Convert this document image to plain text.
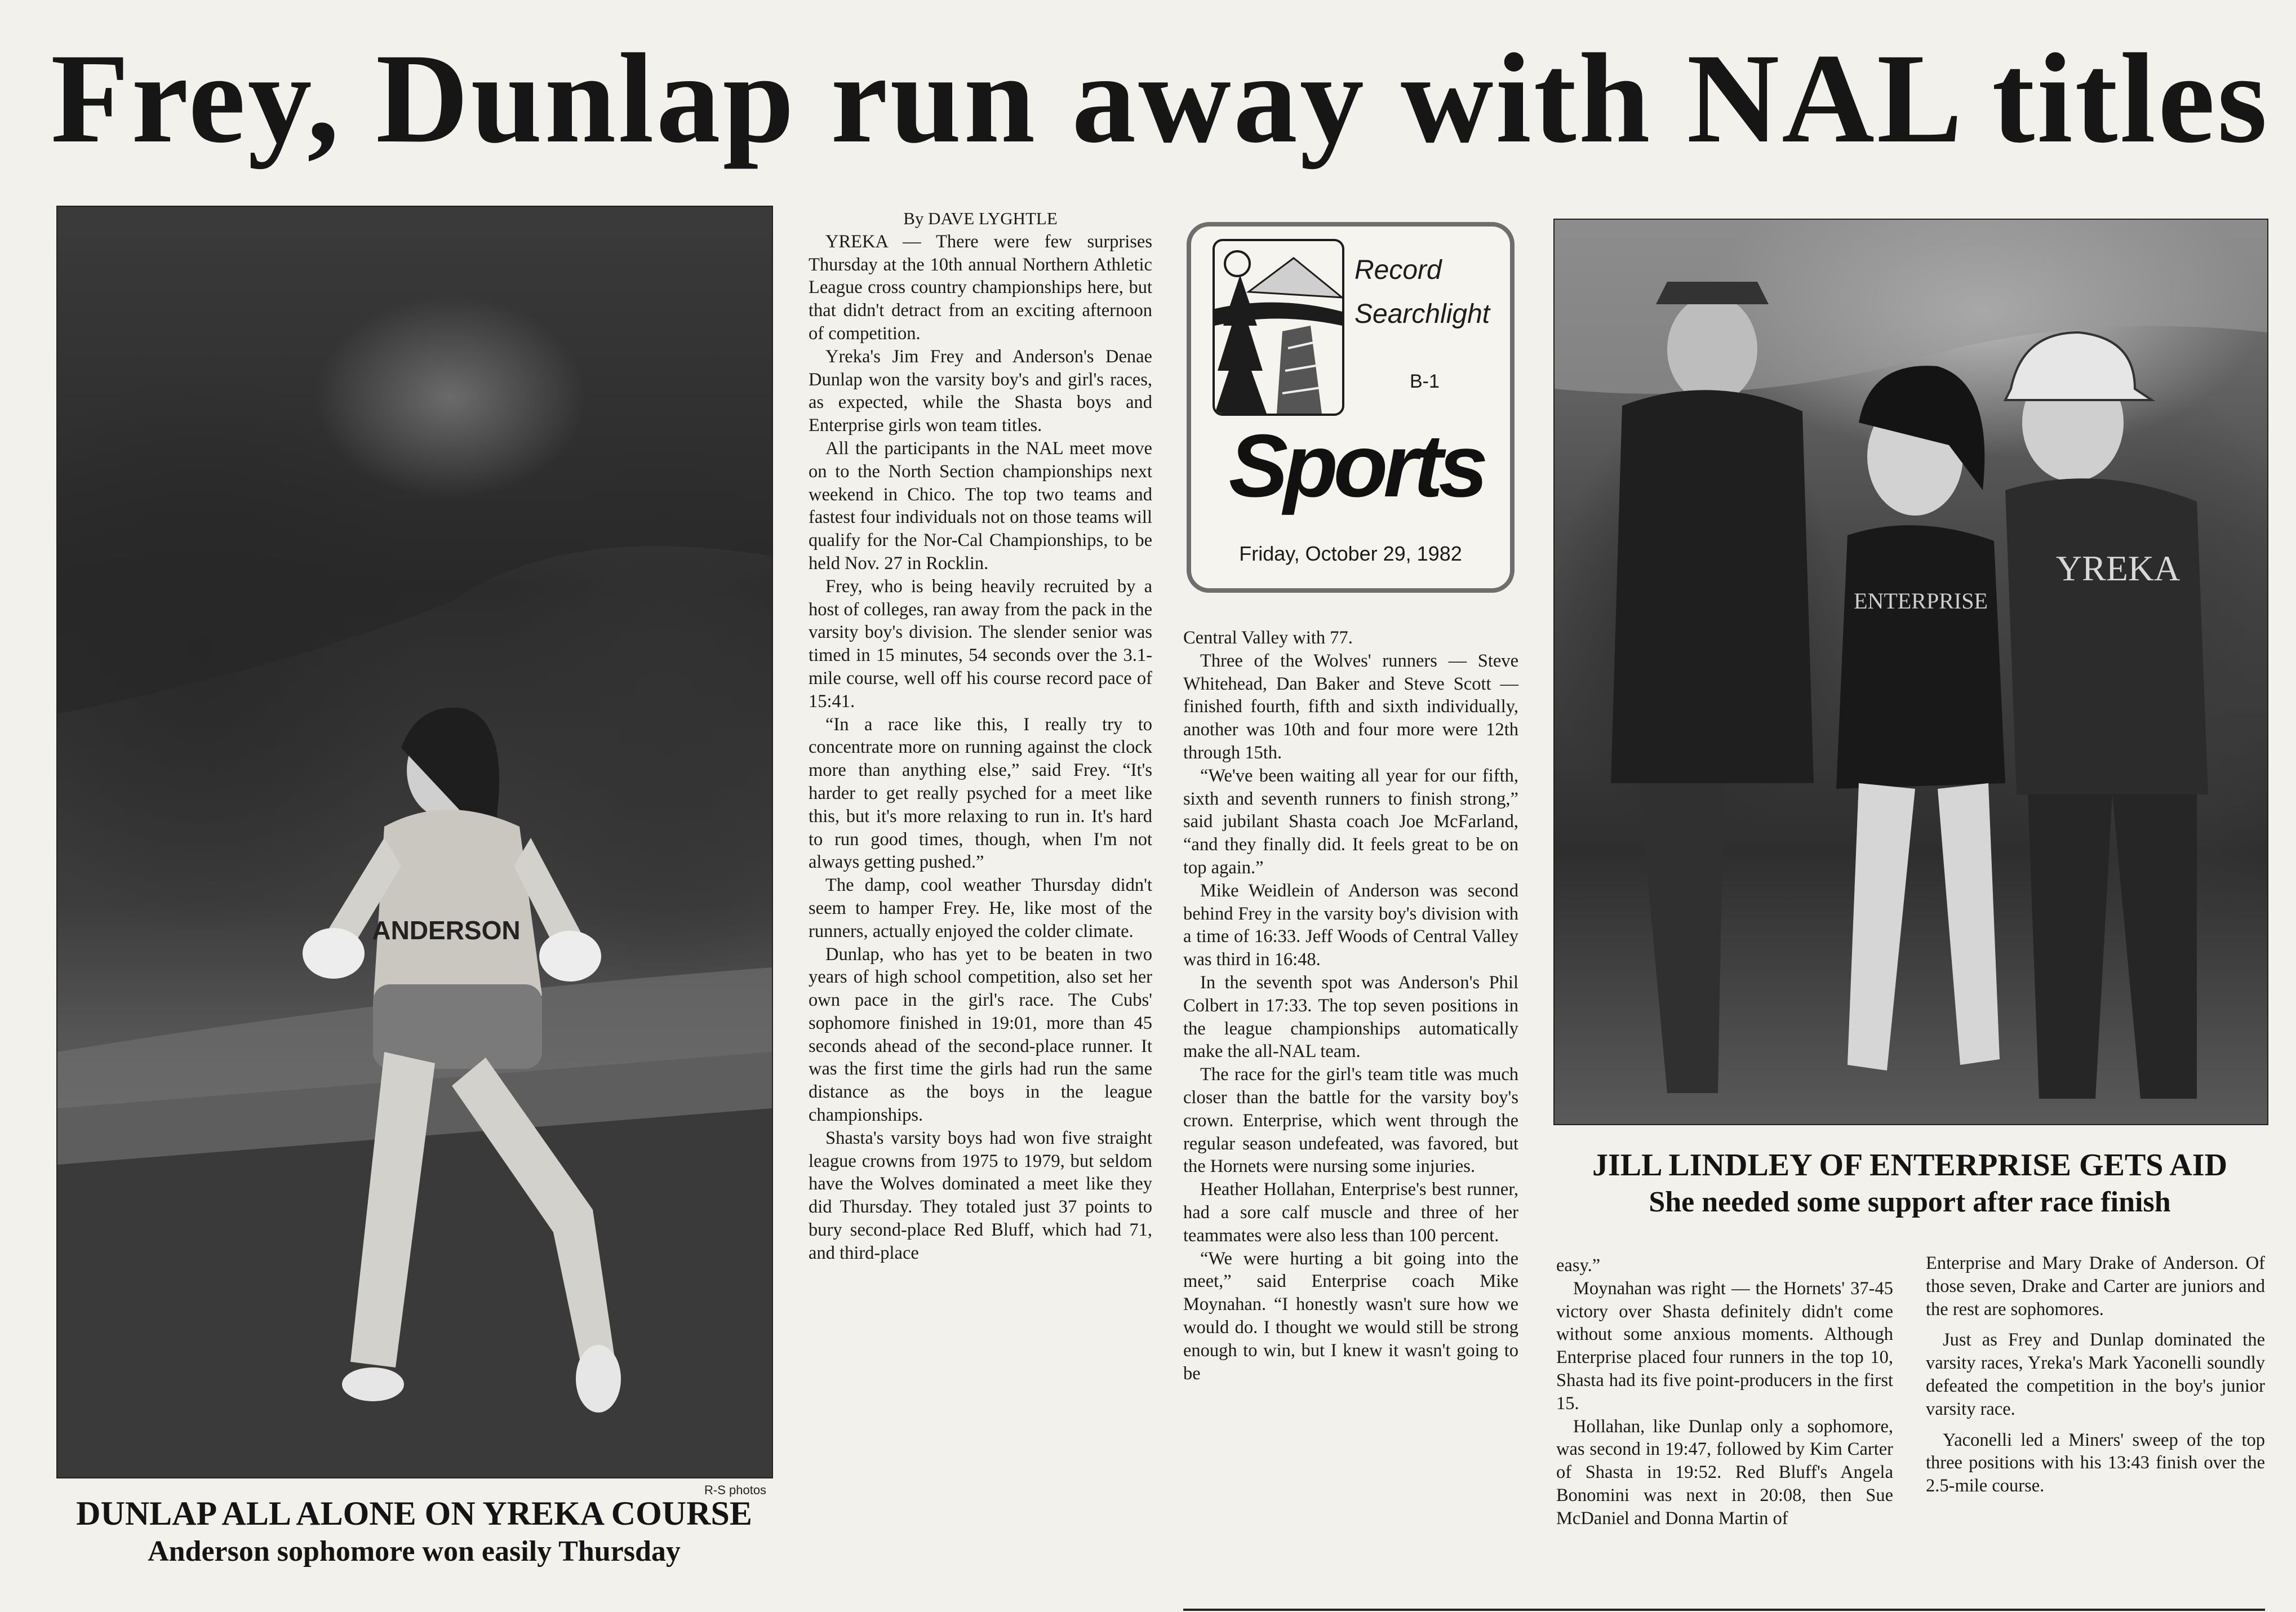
Frey, Dunlap run away with NAL titles
ANDERSON
R-S photos
DUNLAP ALL ALONE ON YREKA COURSE
Anderson sophomore won easily Thursday

By DAVE LYGHTLE

YREKA — There were few surprises Thursday at the 10th annual Northern Athletic League cross country championships here, but that didn't detract from an exciting afternoon of competition.

Yreka's Jim Frey and Anderson's Denae Dunlap won the varsity boy's and girl's races, as expected, while the Shasta boys and Enterprise girls won team titles.

All the participants in the NAL meet move on to the North Section championships next weekend in Chico. The top two teams and fastest four individuals not on those teams will qualify for the Nor-Cal Championships, to be held Nov. 27 in Rocklin.

Frey, who is being heavily recruited by a host of colleges, ran away from the pack in the varsity boy's division. The slender senior was timed in 15 minutes, 54 seconds over the 3.1-mile course, well off his course record pace of 15:41.

“In a race like this, I really try to concentrate more on running against the clock more than anything else,” said Frey. “It's harder to get really psyched for a meet like this, but it's more relaxing to run in. It's hard to run good times, though, when I'm not always getting pushed.”

The damp, cool weather Thursday didn't seem to hamper Frey. He, like most of the runners, actually enjoyed the colder climate.

Dunlap, who has yet to be beaten in two years of high school competition, also set her own pace in the girl's race. The Cubs' sophomore finished in 19:01, more than 45 seconds ahead of the second-place runner. It was the first time the girls had run the same distance as the boys in the league championships.

Shasta's varsity boys had won five straight league crowns from 1975 to 1979, but seldom have the Wolves dominated a meet like they did Thursday. They totaled just 37 points to bury second-place Red Bluff, which had 71, and third-place

Record
Searchlight
B-1
Sports
Friday, October 29, 1982

Central Valley with 77.

Three of the Wolves' runners — Steve Whitehead, Dan Baker and Steve Scott — finished fourth, fifth and sixth individually, another was 10th and four more were 12th through 15th.

“We've been waiting all year for our fifth, sixth and seventh runners to finish strong,” said jubilant Shasta coach Joe McFarland, “and they finally did. It feels great to be on top again.”

Mike Weidlein of Anderson was second behind Frey in the varsity boy's division with a time of 16:33. Jeff Woods of Central Valley was third in 16:48.

In the seventh spot was Anderson's Phil Colbert in 17:33. The top seven positions in the league championships automatically make the all-NAL team.

The race for the girl's team title was much closer than the battle for the varsity boy's crown. Enterprise, which went through the regular season undefeated, was favored, but the Hornets were nursing some injuries.

Heather Hollahan, Enterprise's best runner, had a sore calf muscle and three of her teammates were also less than 100 percent.

“We were hurting a bit going into the meet,” said Enterprise coach Mike Moynahan. “I honestly wasn't sure how we would do. I thought we would still be strong enough to win, but I knew it wasn't going to be

ENTERPRISE
YREKA
JILL LINDLEY OF ENTERPRISE GETS AID
She needed some support after race finish

easy.”

Moynahan was right — the Hornets' 37-45 victory over Shasta definitely didn't come without some anxious moments. Although Enterprise placed four runners in the top 10, Shasta had its five point-producers in the first 15.

Hollahan, like Dunlap only a sophomore, was second in 19:47, followed by Kim Carter of Shasta in 19:52. Red Bluff's Angela Bonomini was next in 20:08, then Sue McDaniel and Donna Martin of

Enterprise and Mary Drake of Anderson. Of those seven, Drake and Carter are juniors and the rest are sophomores.

Just as Frey and Dunlap dominated the varsity races, Yreka's Mark Yaconelli soundly defeated the competition in the boy's junior varsity race.

Yaconelli led a Miners' sweep of the top three positions with his 13:43 finish over the 2.5-mile course.
